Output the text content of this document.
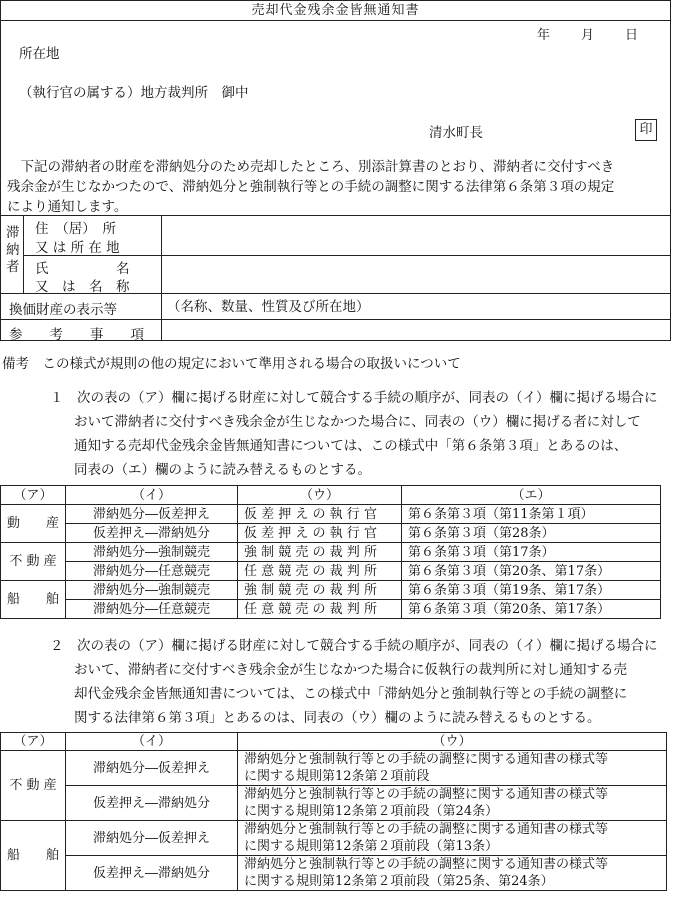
売却代金残余金皆無通知書
年 月 日
所在地
（執行官の属する）地方裁判所　御中
清水町長	印

　下記の滞納者の財産を滞納処分のため売却したところ、別添計算書のとおり、滞納者に交付すべき

残余金が生じなかつたので、滞納処分と強制執行等との手続の調整に関する法律第６条第３項の規定

により通知します。

滞
納
者
住　（居）　所
又 は 所 在 地
氏　　　　　名
又　は　名　称
換価財産の表示等	（名称、数量、性質及び所在地）
参　　考　　事　　項
備考　この様式が規則の他の規定において準用される場合の取扱いについて
１　次の表の（ア）欄に掲げる財産に対して競合する手続の順序が、同表の（イ）欄に掲げる場合に
おいて滞納者に交付すべき残余金が生じなかつた場合に、同表の（ウ）欄に掲げる者に対して
通知する売却代金残余金皆無通知書については、この様式中「第６条第３項」とあるのは、
同表の（エ）欄のように読み替えるものとする。
（ア）	（イ）	（ウ）	（エ）
動　　産	滞納処分―仮差押え	仮 差 押 え の 執 行 官	第６条第３項（第11条第１項）
	仮差押え―滞納処分	仮 差 押 え の 執 行 官	第６条第３項（第28条）
不 動 産	滞納処分―強制競売	強 制 競 売 の 裁 判 所	第６条第３項（第17条）
	滞納処分―任意競売	任 意 競 売 の 裁 判 所	第６条第３項（第20条、第17条）
船　　舶	滞納処分―強制競売	強 制 競 売 の 裁 判 所	第６条第３項（第19条、第17条）
	滞納処分―任意競売	任 意 競 売 の 裁 判 所	第６条第３項（第20条、第17条）
２　次の表の（ア）欄に掲げる財産に対して競合する手続の順序が、同表の（イ）欄に掲げる場合に
おいて、滞納者に交付すべき残余金が生じなかつた場合に仮執行の裁判所に対し通知する売
却代金残余金皆無通知書については、この様式中「滞納処分と強制執行等との手続の調整に
関する法律第６第３項」とあるのは、同表の（ウ）欄のように読み替えるものとする。
（ア）	（イ）	（ウ）
不 動 産	滞納処分―仮差押え	滞納処分と強制執行等との手続の調整に関する通知書の様式等
に関する規則第12条第２項前段

	仮差押え―滞納処分	滞納処分と強制執行等との手続の調整に関する通知書の様式等
に関する規則第12条第２項前段（第24条）

船　　舶	滞納処分―仮差押え	滞納処分と強制執行等との手続の調整に関する通知書の様式等
に関する規則第12条第２項前段（第13条）

	仮差押え―滞納処分	滞納処分と強制執行等との手続の調整に関する通知書の様式等
に関する規則第12条第２項前段（第25条、第24条）
